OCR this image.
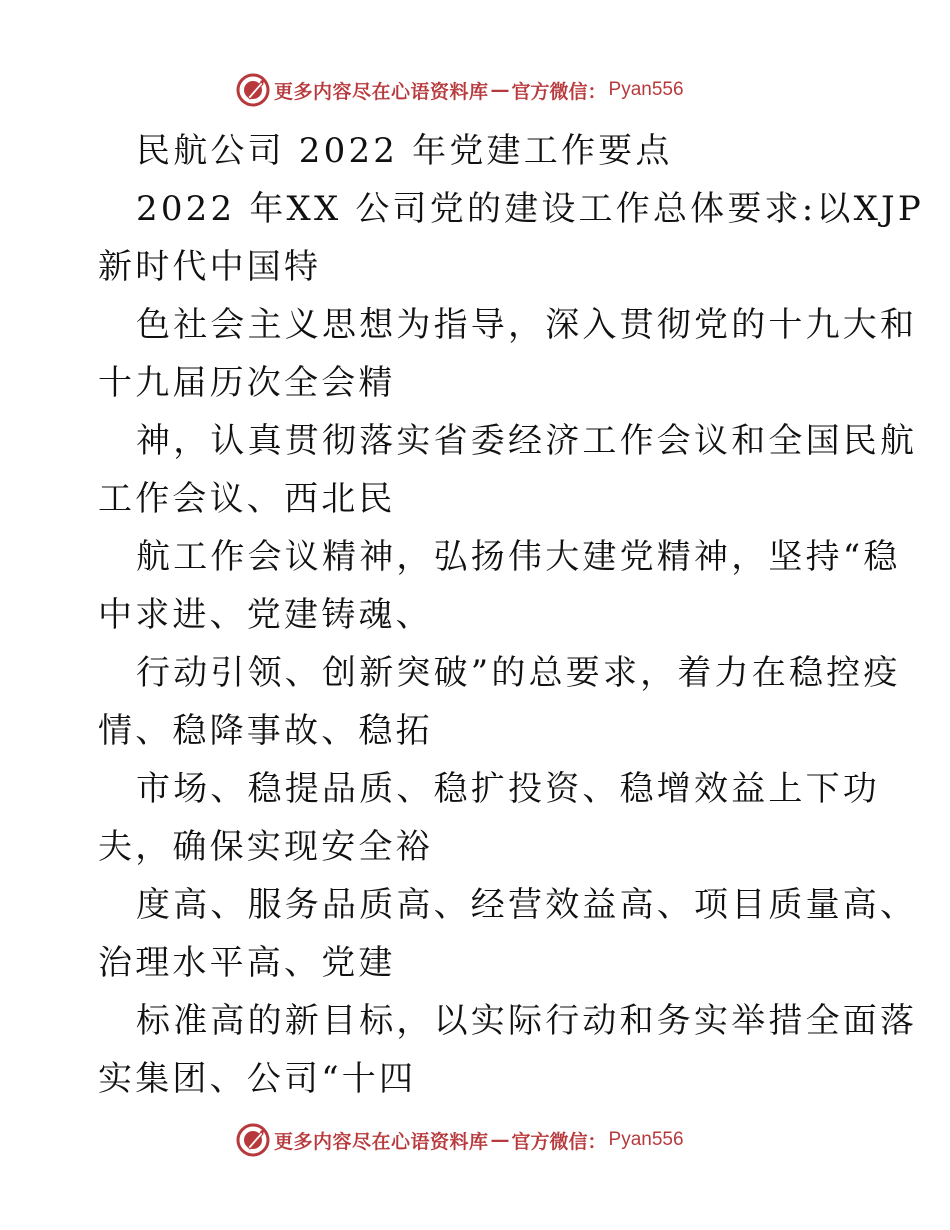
更多内容尽在心语资料库 — 官方微信： Pyan556
民航公司 2022 年党建工作要点
2022 年XX 公司党的建设工作总体要求:以XJP
新时代中国特
色社会主义思想为指导，深入贯彻党的十九大和
十九届历次全会精
神，认真贯彻落实省委经济工作会议和全国民航
工作会议、西北民
航工作会议精神，弘扬伟大建党精神，坚持“稳
中求进、党建铸魂、
行动引领、创新突破”的总要求，着力在稳控疫
情、稳降事故、稳拓
市场、稳提品质、稳扩投资、稳增效益上下功
夫，确保实现安全裕
度高、服务品质高、经营效益高、项目质量高、
治理水平高、党建
标准高的新目标，以实际行动和务实举措全面落
实集团、公司“十四
更多内容尽在心语资料库 — 官方微信： Pyan556
